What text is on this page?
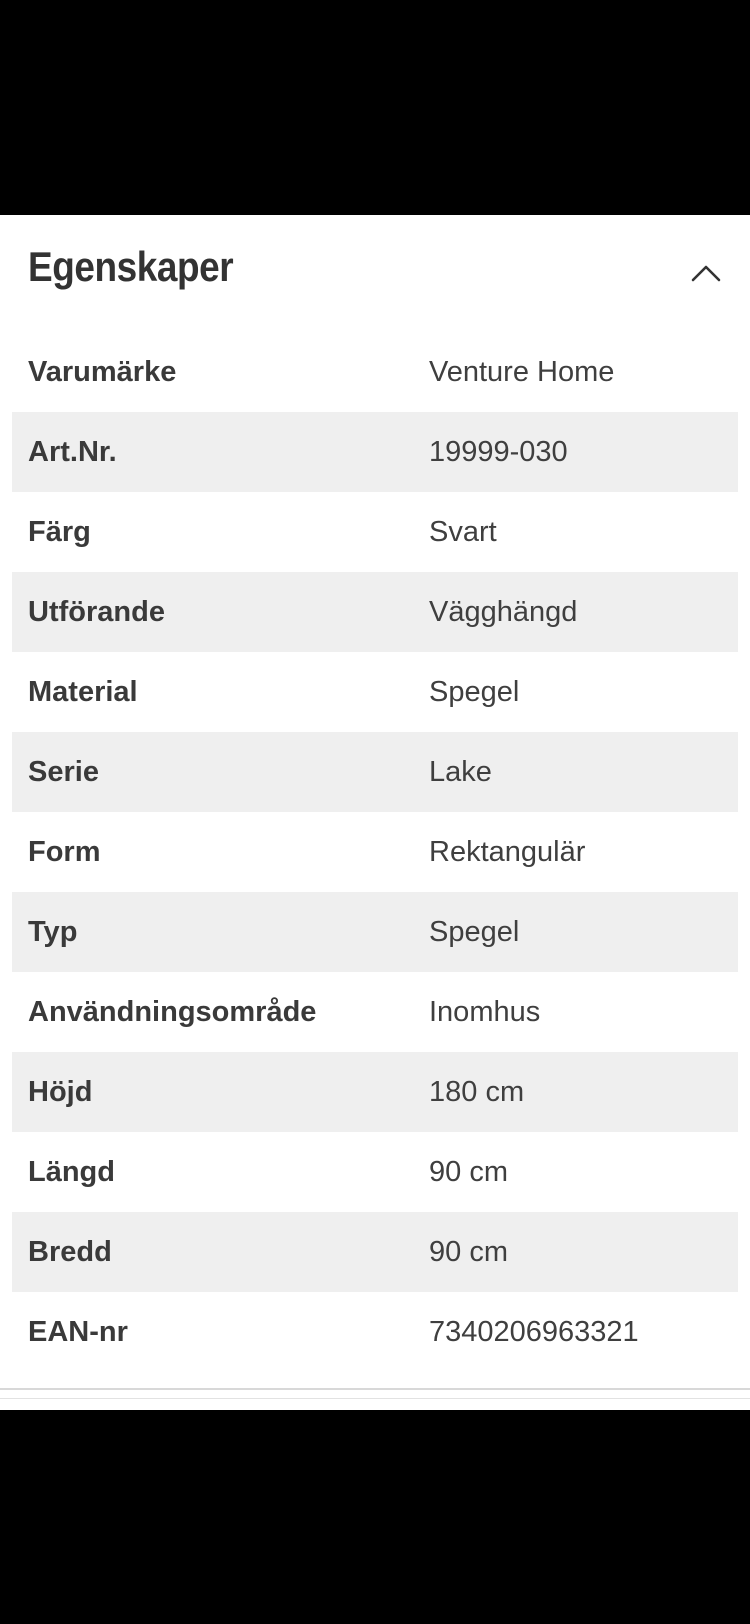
Egenskaper
Varumärke	Venture Home
Art.Nr.	19999-030
Färg	Svart
Utförande	Vägghängd
Material	Spegel
Serie	Lake
Form	Rektangulär
Typ	Spegel
Användningsområde	Inomhus
Höjd	180 cm
Längd	90 cm
Bredd	90 cm
EAN-nr	7340206963321
